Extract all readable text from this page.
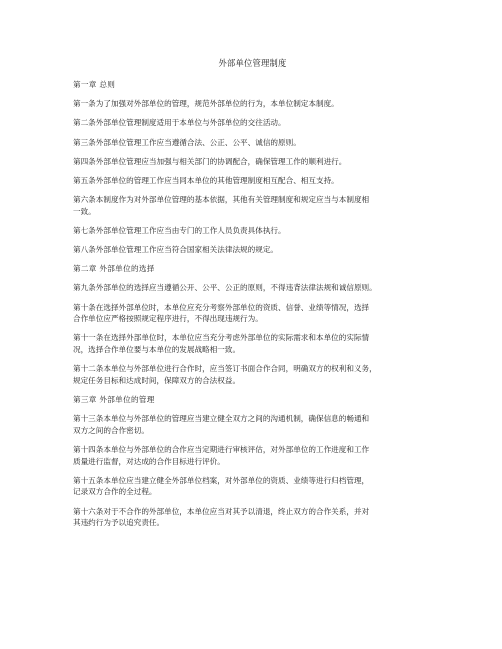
外部单位管理制度
第一章 总则
第一条为了加强对外部单位的管理，规范外部单位的行为，本单位制定本制度。
第二条外部单位管理制度适用于本单位与外部单位的交往活动。
第三条外部单位管理工作应当遵循合法、公正、公平、诚信的原则。
第四条外部单位管理应当加强与相关部门的协调配合，确保管理工作的顺利进行。
第五条外部单位的管理工作应当同本单位的其他管理制度相互配合、相互支持。
第六条本制度作为对外部单位管理的基本依据，其他有关管理制度和规定应当与本制度相
一致。
第七条外部单位管理工作应当由专门的工作人员负责具体执行。
第八条外部单位管理工作应当符合国家相关法律法规的规定。
第二章 外部单位的选择
第九条外部单位的选择应当遵循公开、公平、公正的原则，不得违背法律法规和诚信原则。
第十条在选择外部单位时，本单位应充分考察外部单位的资质、信誉、业绩等情况，选择
合作单位应严格按照规定程序进行，不得出现违规行为。
第十一条在选择外部单位时，本单位应当充分考虑外部单位的实际需求和本单位的实际情
况，选择合作单位要与本单位的发展战略相一致。
第十二条本单位与外部单位进行合作时，应当签订书面合作合同，明确双方的权利和义务，
规定任务目标和达成时间，保障双方的合法权益。
第三章 外部单位的管理
第十三条本单位与外部单位的管理应当建立健全双方之间的沟通机制，确保信息的畅通和
双方之间的合作密切。
第十四条本单位与外部单位的合作应当定期进行审核评估，对外部单位的工作进度和工作
质量进行监督，对达成的合作目标进行评价。
第十五条本单位应当建立健全外部单位档案，对外部单位的资质、业绩等进行归档管理，
记录双方合作的全过程。
第十六条对于不合作的外部单位，本单位应当对其予以清退，终止双方的合作关系，并对
其违约行为予以追究责任。
